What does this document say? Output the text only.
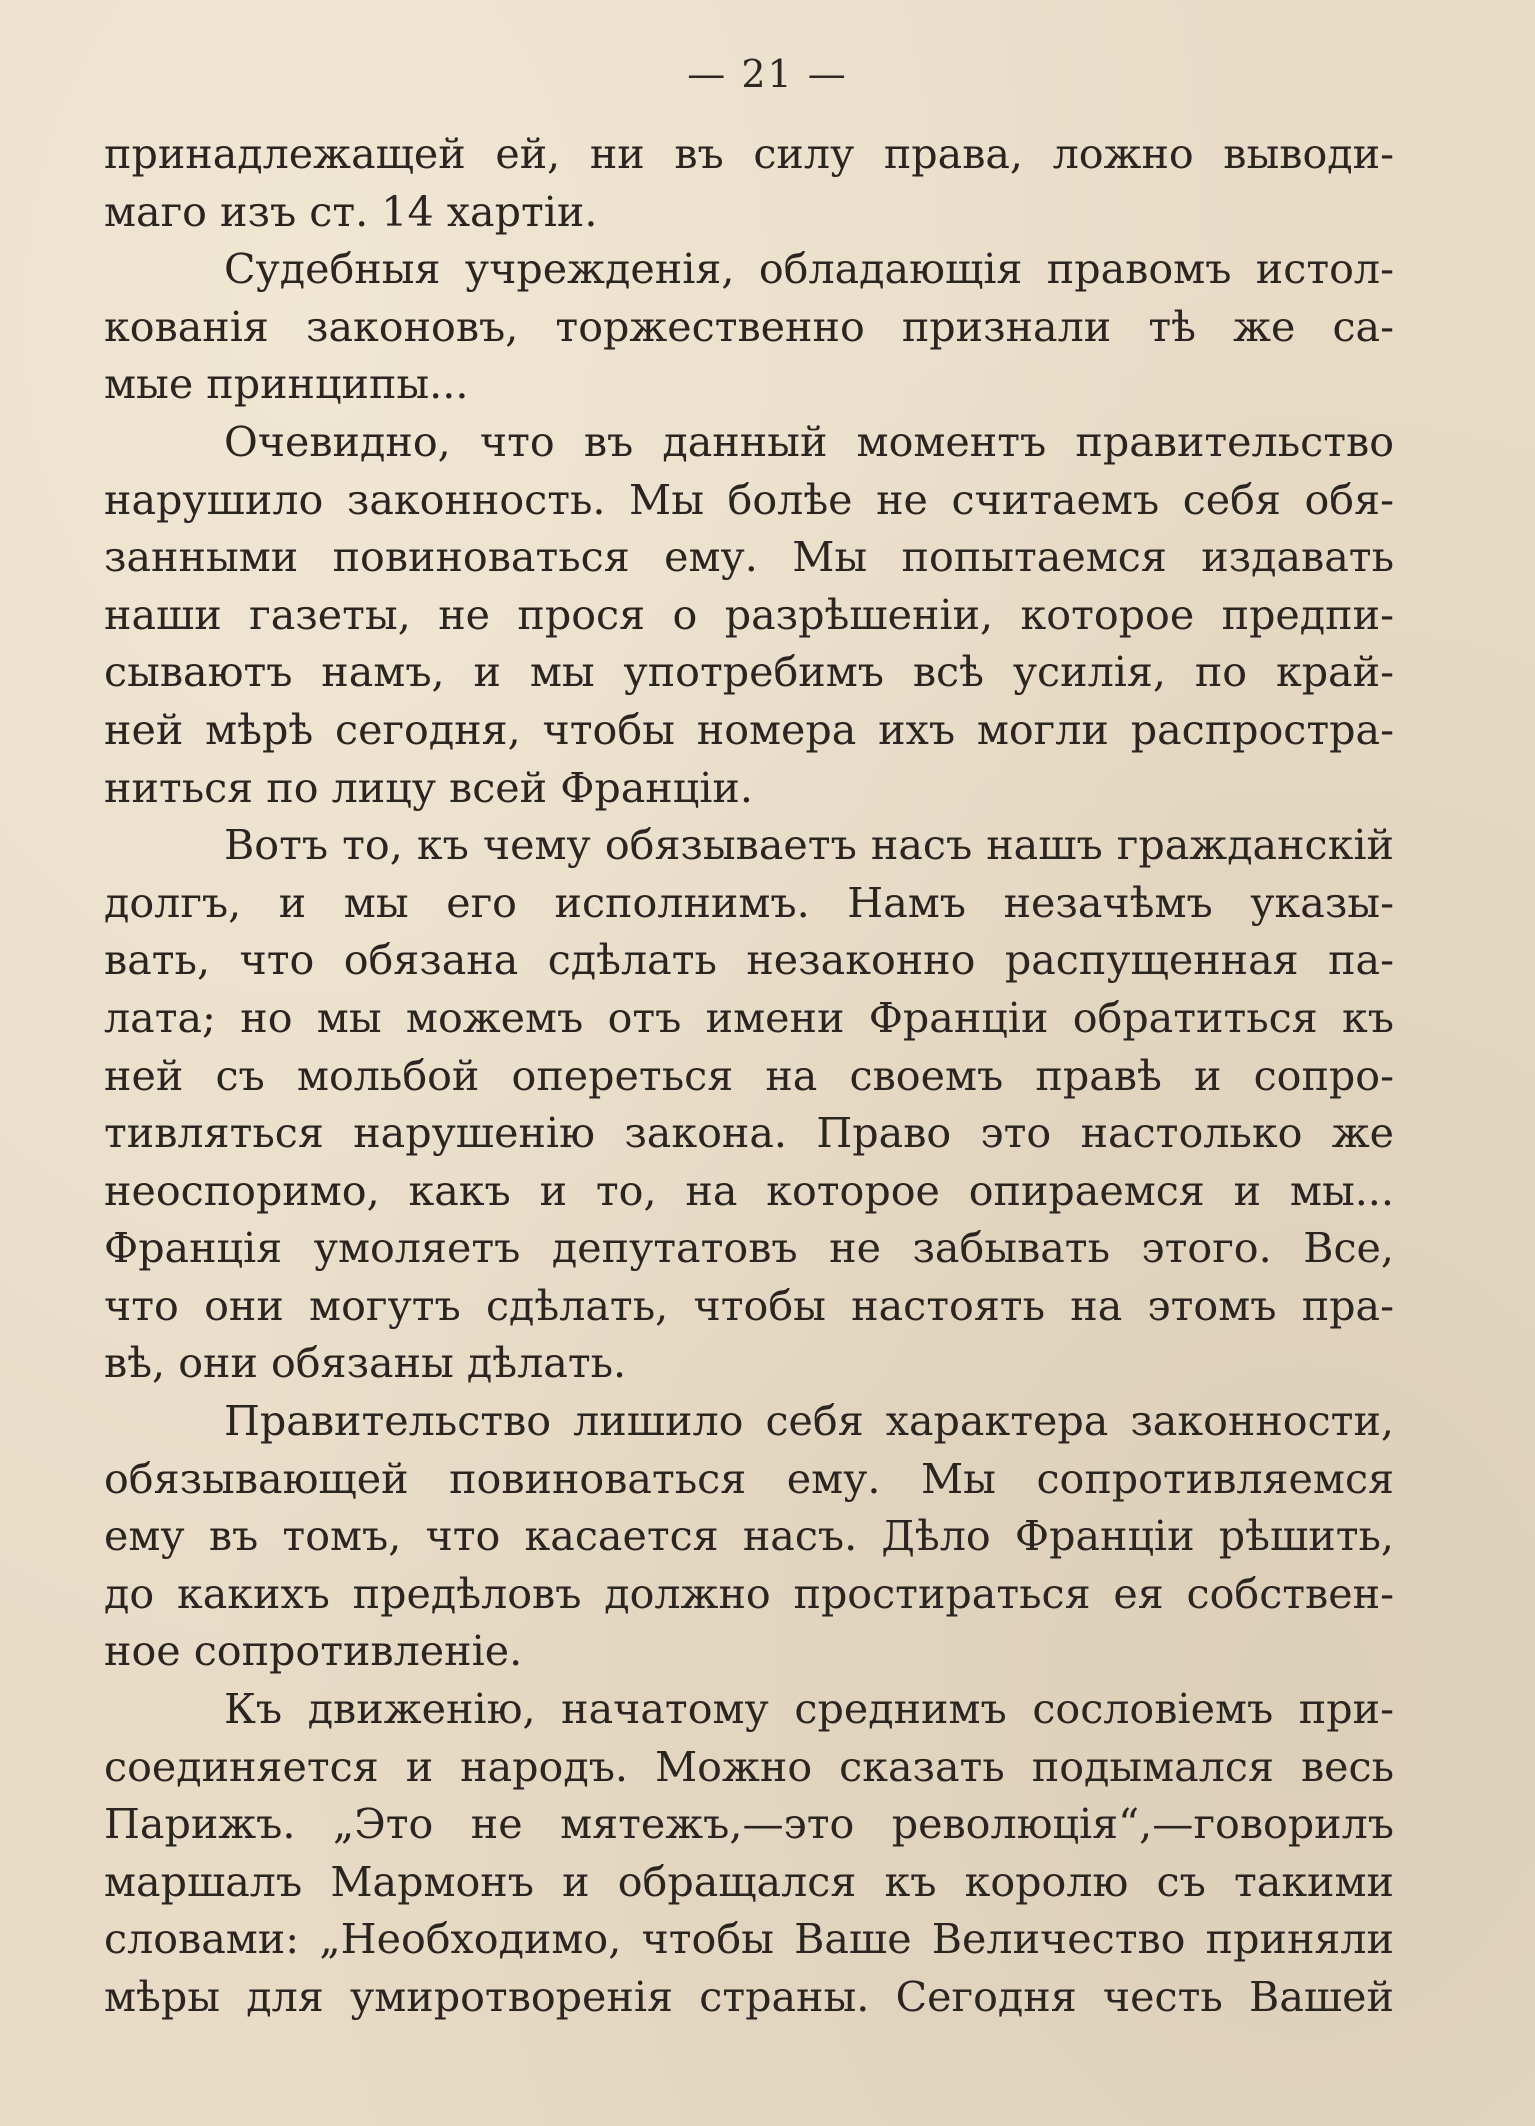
— 21 —
принадлежащей ей, ни въ силу права, ложно выводи-
маго изъ ст. 14 хартіи.
Судебныя учрежденія, обладающія правомъ истол-
кованія законовъ, торжественно признали тѣ же са-
мые принципы...
Очевидно, что въ данный моментъ правительство
нарушило законность. Мы болѣе не считаемъ себя обя-
занными повиноваться ему. Мы попытаемся издавать
наши газеты, не прося о разрѣшеніи, которое предпи-
сываютъ намъ, и мы употребимъ всѣ усилія, по край-
ней мѣрѣ сегодня, чтобы номера ихъ могли распростра-
ниться по лицу всей Франціи.
Вотъ то, къ чему обязываетъ насъ нашъ гражданскій
долгъ, и мы его исполнимъ. Намъ незачѣмъ указы-
вать, что обязана сдѣлать незаконно распущенная па-
лата; но мы можемъ отъ имени Франціи обратиться къ
ней съ мольбой опереться на своемъ правѣ и сопро-
тивляться нарушенію закона. Право это настолько же
неоспоримо, какъ и то, на которое опираемся и мы...
Франція умоляетъ депутатовъ не забывать этого. Все,
что они могутъ сдѣлать, чтобы настоять на этомъ пра-
вѣ, они обязаны дѣлать.
Правительство лишило себя характера законности,
обязывающей повиноваться ему. Мы сопротивляемся
ему въ томъ, что касается насъ. Дѣло Франціи рѣшить,
до какихъ предѣловъ должно простираться ея собствен-
ное сопротивленіе.
Къ движенію, начатому среднимъ сословіемъ при-
соединяется и народъ. Можно сказать подымался весь
Парижъ. „Это не мятежъ,—это революція“,—говорилъ
маршалъ Мармонъ и обращался къ королю съ такими
словами: „Необходимо, чтобы Ваше Величество приняли
мѣры для умиротворенія страны. Сегодня честь Вашей
